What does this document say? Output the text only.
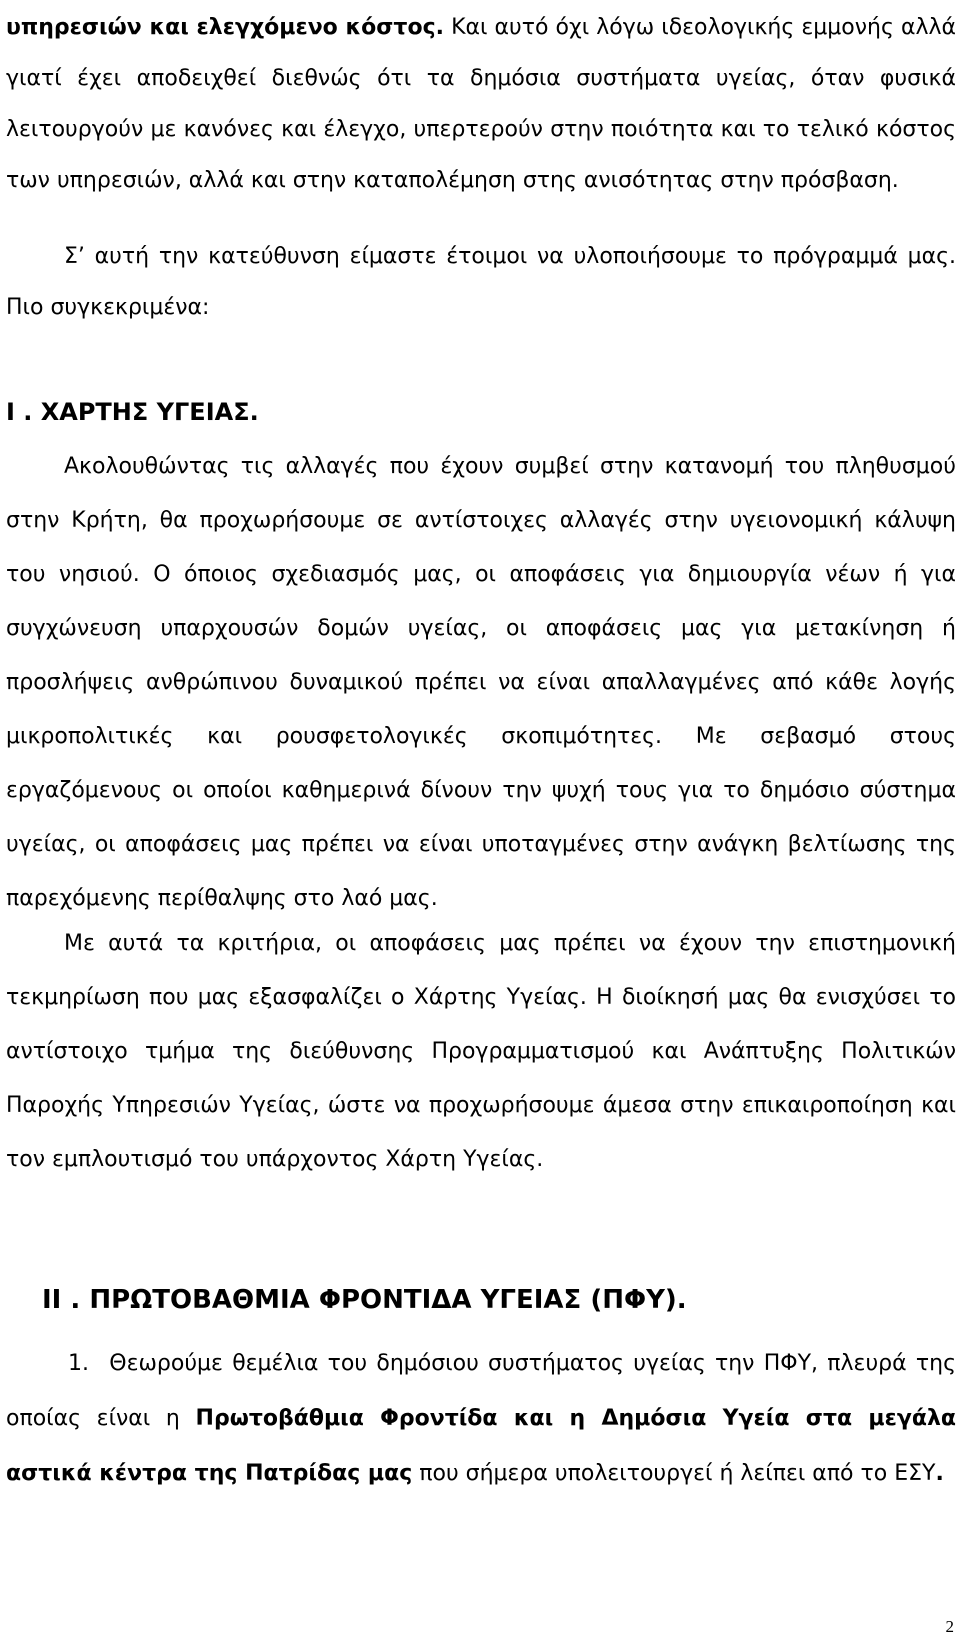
υπηρεσιών και ελεγχόμενο κόστος. Και αυτό όχι λόγω ιδεολογικής εμμονής αλλά γιατί έχει αποδειχθεί διεθνώς ότι τα δημόσια συστήματα υγείας, όταν φυσικά λειτουργούν με κανόνες και έλεγχο, υπερτερούν στην ποιότητα και το τελικό κόστος των υπηρεσιών, αλλά και στην καταπολέμηση στης ανισότητας στην πρόσβαση.

Σ’ αυτή την κατεύθυνση είμαστε έτοιμοι να υλοποιήσουμε το πρόγραμμά μας. Πιο συγκεκριμένα:

I . ΧΑΡΤΗΣ ΥΓΕΙΑΣ.

Ακολουθώντας τις αλλαγές που έχουν συμβεί στην κατανομή του πληθυσμού στην Κρήτη, θα προχωρήσουμε σε αντίστοιχες αλλαγές στην υγειονομική κάλυψη του νησιού. Ο όποιος σχεδιασμός μας, οι αποφάσεις για δημιουργία νέων ή για συγχώνευση υπαρχουσών δομών υγείας, οι αποφάσεις μας για μετακίνηση ή προσλήψεις ανθρώπινου δυναμικού πρέπει να είναι απαλλαγμένες από κάθε λογής μικροπολιτικές και ρουσφετολογικές σκοπιμότητες. Με σεβασμό στους εργαζόμενους οι οποίοι καθημερινά δίνουν την ψυχή τους για το δημόσιο σύστημα υγείας, οι αποφάσεις μας πρέπει να είναι υποταγμένες στην ανάγκη βελτίωσης της παρεχόμενης περίθαλψης στο λαό μας.

Με αυτά τα κριτήρια, οι αποφάσεις μας πρέπει να έχουν την επιστημονική τεκμηρίωση που μας εξασφαλίζει ο Χάρτης Υγείας. Η διοίκησή μας θα ενισχύσει το αντίστοιχο τμήμα της διεύθυνσης Προγραμματισμού και Ανάπτυξης Πολιτικών Παροχής Υπηρεσιών Υγείας, ώστε να προχωρήσουμε άμεσα στην επικαιροποίηση και τον εμπλουτισμό του υπάρχοντος Χάρτη Υγείας.

II . ΠΡΩΤΟΒΑΘΜΙΑ ΦΡΟΝΤΙΔΑ ΥΓΕΙΑΣ (ΠΦΥ).

1. Θεωρούμε θεμέλια του δημόσιου συστήματος υγείας την ΠΦΥ, πλευρά της οποίας είναι η Πρωτοβάθμια Φροντίδα και η Δημόσια Υγεία στα μεγάλα αστικά κέντρα της Πατρίδας μας που σήμερα υπολειτουργεί ή λείπει από το ΕΣΥ.

2
